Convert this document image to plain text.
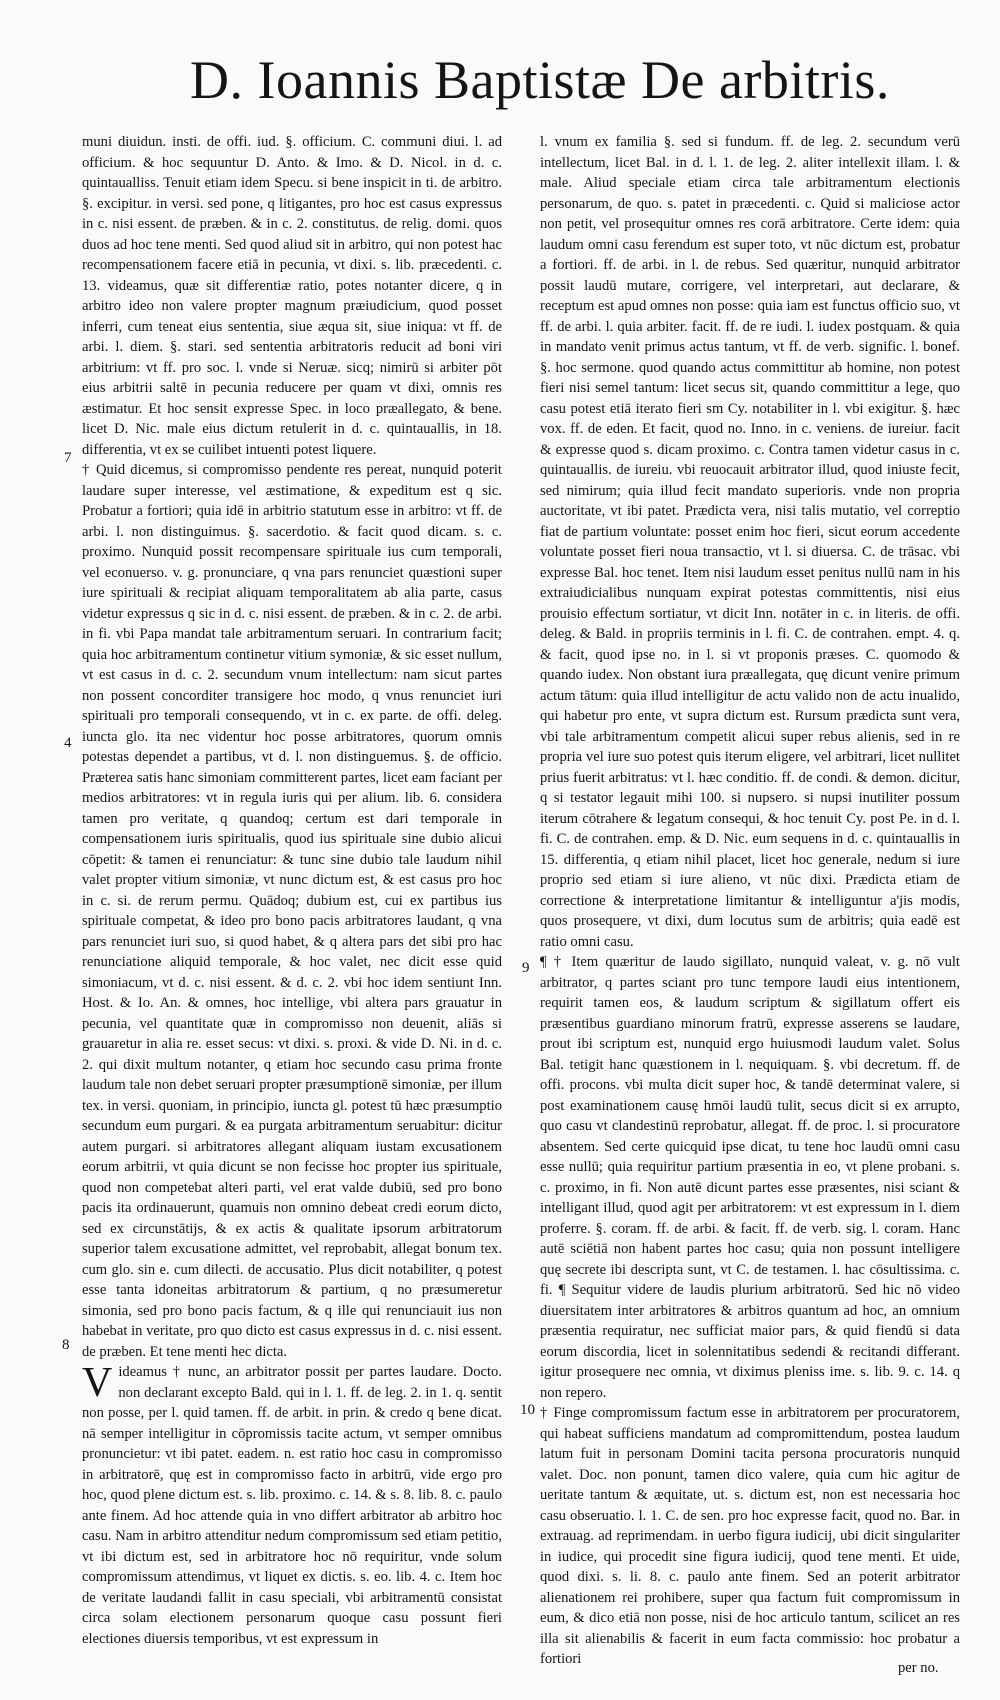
D. Ioannis Baptistæ De arbitris.
7
4
8
9
10

muni diuidun. insti. de offi. iud. §. officium. C. communi diui. l. ad officium. & hoc sequuntur D. Anto. & Imo. & D. Nicol. in d. c. quintaualliss. Tenuit etiam idem Specu. si bene inspicit in ti. de arbitro. §. excipitur. in versi. sed pone, q litigantes, pro hoc est casus expressus in c. nisi essent. de præben. & in c. 2. constitutus. de relig. domi. quos duos ad hoc tene menti. Sed quod aliud sit in arbitro, qui non potest hac recompensationem facere etiā in pecunia, vt dixi. s. lib. præcedenti. c. 13. videamus, quæ sit differentiæ ratio, potes notanter dicere, q in arbitro ideo non valere propter magnum præiudicium, quod posset inferri, cum teneat eius sententia, siue æqua sit, siue iniqua: vt ff. de arbi. l. diem. §. stari. sed sententia arbitratoris reducit ad boni viri arbitrium: vt ff. pro soc. l. vnde si Neruæ. sicq; nimirū si arbiter pōt eius arbitrii saltē in pecunia reducere per quam vt dixi, omnis res æstimatur. Et hoc sensit expresse Spec. in loco præallegato, & bene. licet D. Nic. male eius dictum retulerit in d. c. quintauallis, in 18. differentia, vt ex se cuilibet intuenti potest liquere.

† Quid dicemus, si compromisso pendente res pereat, nunquid poterit laudare super interesse, vel æstimatione, & expeditum est q sic. Probatur a fortiori; quia idē in arbitrio statutum esse in arbitro: vt ff. de arbi. l. non distinguimus. §. sacerdotio. & facit quod dicam. s. c. proximo. Nunquid possit recompensare spirituale ius cum temporali, vel econuerso. v. g. pronunciare, q vna pars renunciet quæstioni super iure spirituali & recipiat aliquam temporalitatem ab alia parte, casus videtur expressus q sic in d. c. nisi essent. de præben. & in c. 2. de arbi. in fi. vbi Papa mandat tale arbitramentum seruari. In contrarium facit; quia hoc arbitramentum continetur vitium symoniæ, & sic esset nullum, vt est casus in d. c. 2. secundum vnum intellectum: nam sicut partes non possent concorditer transigere hoc modo, q vnus renunciet iuri spirituali pro temporali consequendo, vt in c. ex parte. de offi. deleg. iuncta glo. ita nec videntur hoc posse arbitratores, quorum omnis potestas dependet a partibus, vt d. l. non distinguemus. §. de officio. Præterea satis hanc simoniam committerent partes, licet eam faciant per medios arbitratores: vt in regula iuris qui per alium. lib. 6. considera tamen pro veritate, q quandoq; certum est dari temporale in compensationem iuris spiritualis, quod ius spirituale sine dubio alicui cōpetit: & tamen ei renunciatur: & tunc sine dubio tale laudum nihil valet propter vitium simoniæ, vt nunc dictum est, & est casus pro hoc in c. si. de rerum permu. Quādoq; dubium est, cui ex partibus ius spirituale competat, & ideo pro bono pacis arbitratores laudant, q vna pars renunciet iuri suo, si quod habet, & q altera pars det sibi pro hac renunciatione aliquid temporale, & hoc valet, nec dicit esse quid simoniacum, vt d. c. nisi essent. & d. c. 2. vbi hoc idem sentiunt Inn. Host. & Io. An. & omnes, hoc intellige, vbi altera pars grauatur in pecunia, vel quantitate quæ in compromisso non deuenit, aliās si grauaretur in alia re. esset secus: vt dixi. s. proxi. & vide D. Ni. in d. c. 2. qui dixit multum notanter, q etiam hoc secundo casu prima fronte laudum tale non debet seruari propter præsumptionē simoniæ, per illum tex. in versi. quoniam, in principio, iuncta gl. potest tū hæc præsumptio secundum eum purgari. & ea purgata arbitramentum seruabitur: dicitur autem purgari. si arbitratores allegant aliquam iustam excusationem eorum arbitrii, vt quia dicunt se non fecisse hoc propter ius spirituale, quod non competebat alteri parti, vel erat valde dubiū, sed pro bono pacis ita ordinauerunt, quamuis non omnino debeat credi eorum dicto, sed ex circunstātijs, & ex actis & qualitate ipsorum arbitratorum superior talem excusatione admittet, vel reprobabit, allegat bonum tex. cum glo. sin e. cum dilecti. de accusatio. Plus dicit notabiliter, q potest esse tanta idoneitas arbitratorum & partium, q no præsumeretur simonia, sed pro bono pacis factum, & q ille qui renunciauit ius non habebat in veritate, pro quo dicto est casus expressus in d. c. nisi essent. de præben. Et tene menti hec dicta.

Videamus † nunc, an arbitrator possit per partes laudare. Docto. non declarant excepto Bald. qui in l. 1. ff. de leg. 2. in 1. q. sentit non posse, per l. quid tamen. ff. de arbit. in prin. & credo q bene dicat. nā semper intelligitur in cōpromissis tacite actum, vt semper omnibus pronuncietur: vt ibi patet. eadem. n. est ratio hoc casu in compromisso in arbitratorē, quę est in compromisso facto in arbitrū, vide ergo pro hoc, quod plene dictum est. s. lib. proximo. c. 14. & s. 8. lib. 8. c. paulo ante finem. Ad hoc attende quia in vno differt arbitrator ab arbitro hoc casu. Nam in arbitro attenditur nedum compromissum sed etiam petitio, vt ibi dictum est, sed in arbitratore hoc nō requiritur, vnde solum compromissum attendimus, vt liquet ex dictis. s. eo. lib. 4. c. Item hoc de veritate laudandi fallit in casu speciali, vbi arbitramentū consistat circa solam electionem personarum quoque casu possunt fieri electiones diuersis temporibus, vt est expressum in

l. vnum ex familia §. sed si fundum. ff. de leg. 2. secundum verū intellectum, licet Bal. in d. l. 1. de leg. 2. aliter intellexit illam. l. & male. Aliud speciale etiam circa tale arbitramentum electionis personarum, de quo. s. patet in præcedenti. c. Quid si maliciose actor non petit, vel prosequitur omnes res corā arbitratore. Certe idem: quia laudum omni casu ferendum est super toto, vt nūc dictum est, probatur a fortiori. ff. de arbi. in l. de rebus. Sed quæritur, nunquid arbitrator possit laudū mutare, corrigere, vel interpretari, aut declarare, & receptum est apud omnes non posse: quia iam est functus officio suo, vt ff. de arbi. l. quia arbiter. facit. ff. de re iudi. l. iudex postquam. & quia in mandato venit primus actus tantum, vt ff. de verb. signific. l. bonef. §. hoc sermone. quod quando actus committitur ab homine, non potest fieri nisi semel tantum: licet secus sit, quando committitur a lege, quo casu potest etiā iterato fieri sm Cy. notabiliter in l. vbi exigitur. §. hæc vox. ff. de eden. Et facit, quod no. Inno. in c. veniens. de iureiur. facit & expresse quod s. dicam proximo. c. Contra tamen videtur casus in c. quintauallis. de iureiu. vbi reuocauit arbitrator illud, quod iniuste fecit, sed nimirum; quia illud fecit mandato superioris. vnde non propria auctoritate, vt ibi patet. Prædicta vera, nisi talis mutatio, vel correptio fiat de partium voluntate: posset enim hoc fieri, sicut eorum accedente voluntate posset fieri noua transactio, vt l. si diuersa. C. de trāsac. vbi expresse Bal. hoc tenet. Item nisi laudum esset penitus nullū nam in his extraiudicialibus nunquam expirat potestas committentis, nisi eius prouisio effectum sortiatur, vt dicit Inn. notāter in c. in literis. de offi. deleg. & Bald. in propriis terminis in l. fi. C. de contrahen. empt. 4. q. & facit, quod ipse no. in l. si vt proponis præses. C. quomodo & quando iudex. Non obstant iura præallegata, quę dicunt venire primum actum tātum: quia illud intelligitur de actu valido non de actu inualido, qui habetur pro ente, vt supra dictum est. Rursum prædicta sunt vera, vbi tale arbitramentum competit alicui super rebus alienis, sed in re propria vel iure suo potest quis iterum eligere, vel arbitrari, licet nullitet prius fuerit arbitratus: vt l. hæc conditio. ff. de condi. & demon. dicitur, q si testator legauit mihi 100. si nupsero. si nupsi inutiliter possum iterum cōtrahere & legatum consequi, & hoc tenuit Cy. post Pe. in d. l. fi. C. de contrahen. emp. & D. Nic. eum sequens in d. c. quintauallis in 15. differentia, q etiam nihil placet, licet hoc generale, nedum si iure proprio sed etiam si iure alieno, vt nūc dixi. Prædicta etiam de correctione & interpretatione limitantur & intelliguntur a'jis modis, quos prosequere, vt dixi, dum locutus sum de arbitris; quia eadē est ratio omni casu.

¶ † Item quæritur de laudo sigillato, nunquid valeat, v. g. nō vult arbitrator, q partes sciant pro tunc tempore laudi eius intentionem, requirit tamen eos, & laudum scriptum & sigillatum offert eis præsentibus guardiano minorum fratrū, expresse asserens se laudare, prout ibi scriptum est, nunquid ergo huiusmodi laudum valet. Solus Bal. tetigit hanc quæstionem in l. nequiquam. §. vbi decretum. ff. de offi. procons. vbi multa dicit super hoc, & tandē determinat valere, si post examinationem causę hmōi laudū tulit, secus dicit si ex arrupto, quo casu vt clandestinū reprobatur, allegat. ff. de proc. l. si procuratore absentem. Sed certe quicquid ipse dicat, tu tene hoc laudū omni casu esse nullū; quia requiritur partium præsentia in eo, vt plene probani. s. c. proximo, in fi. Non autē dicunt partes esse præsentes, nisi sciant & intelligant illud, quod agit per arbitratorem: vt est expressum in l. diem proferre. §. coram. ff. de arbi. & facit. ff. de verb. sig. l. coram. Hanc autē sciētiā non habent partes hoc casu; quia non possunt intelligere quę secrete ibi descripta sunt, vt C. de testamen. l. hac cōsultissima. c. fi. ¶ Sequitur videre de laudis plurium arbitratorū. Sed hic nō video diuersitatem inter arbitratores & arbitros quantum ad hoc, an omnium præsentia requiratur, nec sufficiat maior pars, & quid fiendū si data eorum discordia, licet in solennitatibus sedendi & recitandi differant. igitur prosequere nec omnia, vt diximus pleniss ime. s. lib. 9. c. 14. q non repero.

† Finge compromissum factum esse in arbitratorem per procuratorem, qui habeat sufficiens mandatum ad compromittendum, postea laudum latum fuit in personam Domini tacita persona procuratoris nunquid valet. Doc. non ponunt, tamen dico valere, quia cum hic agitur de ueritate tantum & æquitate, ut. s. dictum est, non est necessaria hoc casu obseruatio. l. 1. C. de sen. pro hoc expresse facit, quod no. Bar. in extrauag. ad reprimendam. in uerbo figura iudicij, ubi dicit singulariter in iudice, qui procedit sine figura iudicij, quod tene menti. Et uide, quod dixi. s. li. 8. c. paulo ante finem. Sed an poterit arbitrator alienationem rei prohibere, super qua factum fuit compromissum in eum, & dico etiā non posse, nisi de hoc articulo tantum, scilicet an res illa sit alienabilis & facerit in eum facta commissio: hoc probatur a fortiori

per no.
